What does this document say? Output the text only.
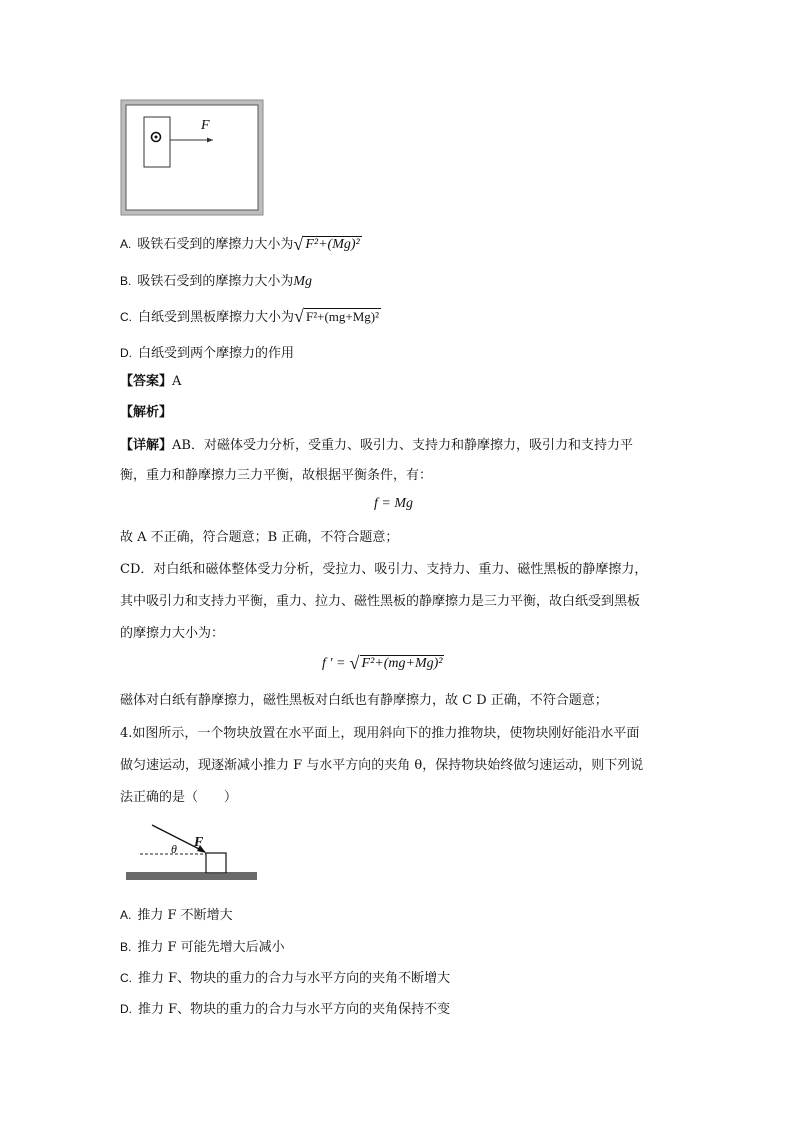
F
A. 吸铁石受到的摩擦力大小为 √ F²+(Mg)²
B. 吸铁石受到的摩擦力大小为Mg
C. 白纸受到黑板摩擦力大小为 √ F²+(mg+Mg)²
D. 白纸受到两个摩擦力的作用
【答案】A
【解析】
【详解】AB．对磁体受力分析，受重力、吸引力、支持力和静摩擦力，吸引力和支持力平
衡，重力和静摩擦力三力平衡，故根据平衡条件，有：
f = Mg
故 A 不正确，符合题意；B 正确，不符合题意；
CD．对白纸和磁体整体受力分析，受拉力、吸引力、支持力、重力、磁性黑板的静摩擦力，
其中吸引力和支持力平衡，重力、拉力、磁性黑板的静摩擦力是三力平衡，故白纸受到黑板
的摩擦力大小为：
f ′ = √ F²+(mg+Mg)²
磁体对白纸有静摩擦力，磁性黑板对白纸也有静摩擦力，故 C D 正确，不符合题意；
4.如图所示，一个物块放置在水平面上，现用斜向下的推力推物块，使物块刚好能沿水平面
做匀速运动，现逐渐减小推力 F 与水平方向的夹角 θ，保持物块始终做匀速运动，则下列说
法正确的是（　　）
F
θ
A. 推力 F 不断增大
B. 推力 F 可能先增大后减小
C. 推力 F、物块的重力的合力与水平方向的夹角不断增大
D. 推力 F、物块的重力的合力与水平方向的夹角保持不变
